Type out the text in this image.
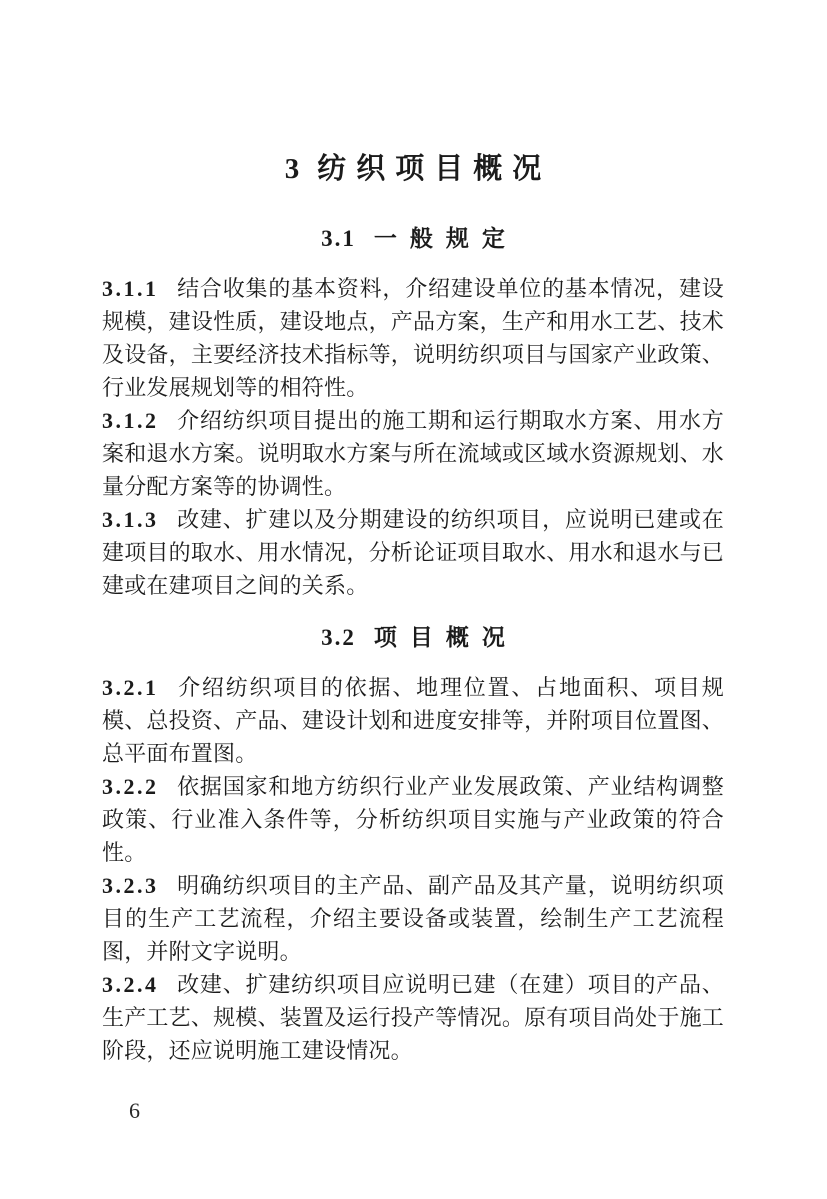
3 纺织项目概况
3.1 一般规定

3.1.1 结合收集的基本资料，介绍建设单位的基本情况，建设规模，建设性质，建设地点，产品方案，生产和用水工艺、技术及设备，主要经济技术指标等，说明纺织项目与国家产业政策、行业发展规划等的相符性。

3.1.2 介绍纺织项目提出的施工期和运行期取水方案、用水方案和退水方案。说明取水方案与所在流域或区域水资源规划、水量分配方案等的协调性。

3.1.3 改建、扩建以及分期建设的纺织项目，应说明已建或在建项目的取水、用水情况，分析论证项目取水、用水和退水与已建或在建项目之间的关系。

3.2 项目概况

3.2.1 介绍纺织项目的依据、地理位置、占地面积、项目规模、总投资、产品、建设计划和进度安排等，并附项目位置图、总平面布置图。

3.2.2 依据国家和地方纺织行业产业发展政策、产业结构调整政策、行业准入条件等，分析纺织项目实施与产业政策的符合性。

3.2.3 明确纺织项目的主产品、副产品及其产量，说明纺织项目的生产工艺流程，介绍主要设备或装置，绘制生产工艺流程图，并附文字说明。

3.2.4 改建、扩建纺织项目应说明已建（在建）项目的产品、生产工艺、规模、装置及运行投产等情况。原有项目尚处于施工阶段，还应说明施工建设情况。

6
